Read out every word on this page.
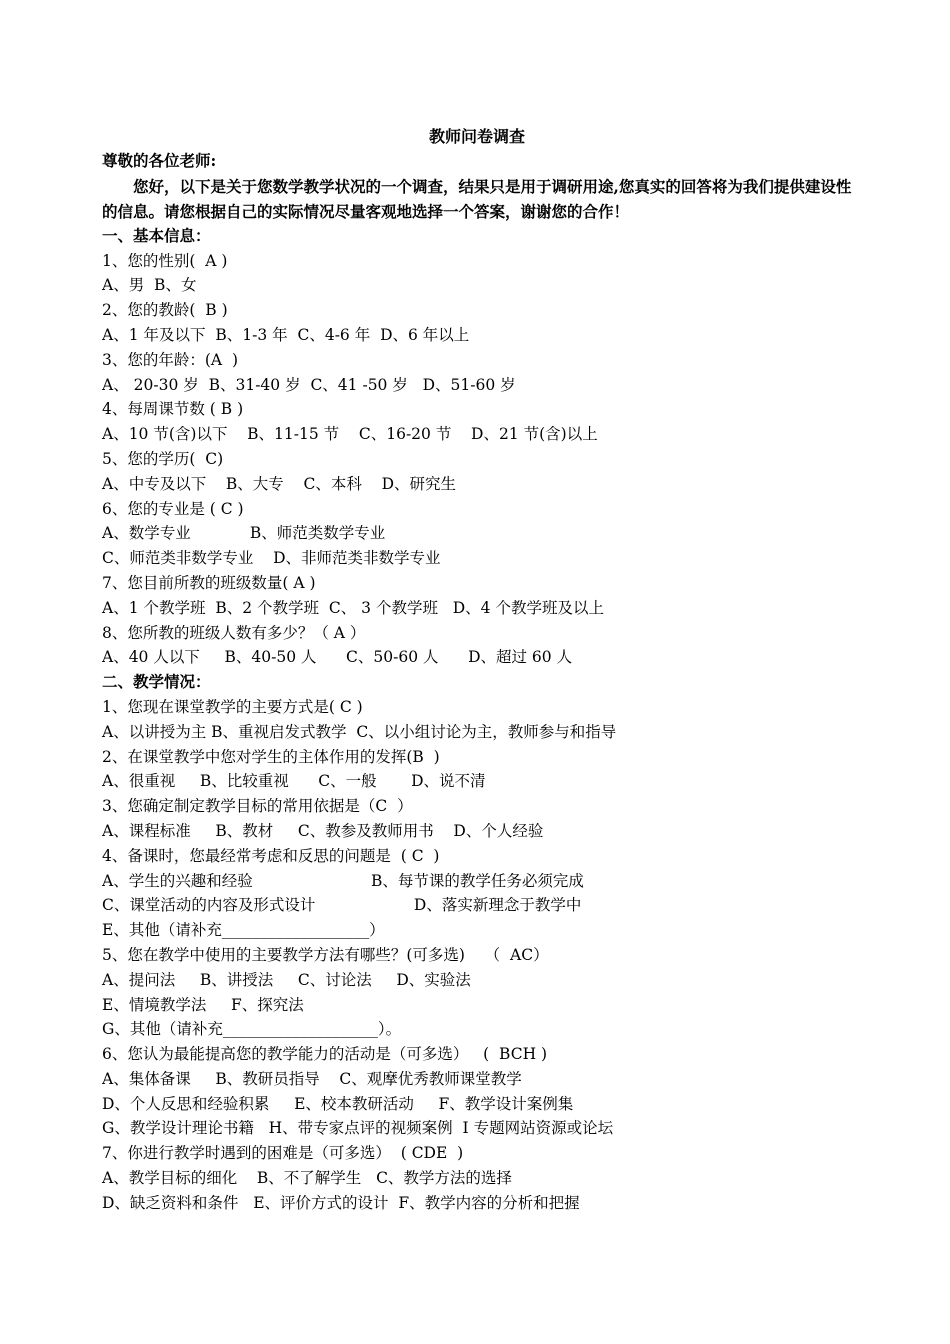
教师问卷调查
尊敬的各位老师:

您好，以下是关于您数学教学状况的一个调查，结果只是用于调研用途,您真实的回答将为我们提供建设性的信息。请您根据自己的实际情况尽量客观地选择一个答案，谢谢您的合作！

一、基本信息：
1、您的性别(  A )
A、男  B、女
2、您的教龄(  B )
A、1 年及以下  B、1-3 年  C、4-6 年  D、6 年以上
3、您的年龄：(A  )
A、 20-30 岁  B、31-40 岁  C、41 -50 岁   D、51-60 岁
4、每周课节数 ( B )
A、10 节(含)以下    B、11-15 节    C、16-20 节    D、21 节(含)以上
5、您的学历(  C)
A、中专及以下    B、大专    C、本科    D、研究生
6、您的专业是 ( C )
A、数学专业            B、师范类数学专业
C、师范类非数学专业    D、非师范类非数学专业
7、您目前所教的班级数量( A )
A、1 个教学班  B、2 个教学班  C、 3 个教学班   D、4 个教学班及以上
8、您所教的班级人数有多少？（ A ）
A、40 人以下     B、40-50 人      C、50-60 人      D、超过 60 人
二、教学情况：
1、您现在课堂教学的主要方式是( C )
A、以讲授为主 B、重视启发式教学  C、以小组讨论为主，教师参与和指导
2、在课堂教学中您对学生的主体作用的发挥(B  )
A、很重视     B、比较重视      C、一般       D、说不清
3、您确定制定教学目标的常用依据是（C  ）
A、课程标准     B、教材     C、教参及教师用书    D、个人经验
4、备课时，您最经常考虑和反思的问题是  ( C  )
A、学生的兴趣和经验                        B、每节课的教学任务必须完成
C、课堂活动的内容及形式设计                    D、落实新理念于教学中
E、其他（请补充___________________）
5、您在教学中使用的主要教学方法有哪些？(可多选)    （  AC）
A、提问法     B、讲授法     C、讨论法     D、实验法
E、情境教学法     F、探究法
G、其他（请补充____________________）。
6、您认为最能提高您的教学能力的活动是（可多选）   (  BCH )
A、集体备课     B、教研员指导    C、观摩优秀教师课堂教学
D、个人反思和经验积累     E、校本教研活动     F、教学设计案例集
G、教学设计理论书籍   H、带专家点评的视频案例  I 专题网站资源或论坛
7、你进行教学时遇到的困难是（可多选）  ( CDE  )
A、教学目标的细化    B、不了解学生   C、教学方法的选择
D、缺乏资料和条件   E、评价方式的设计  F、教学内容的分析和把握
